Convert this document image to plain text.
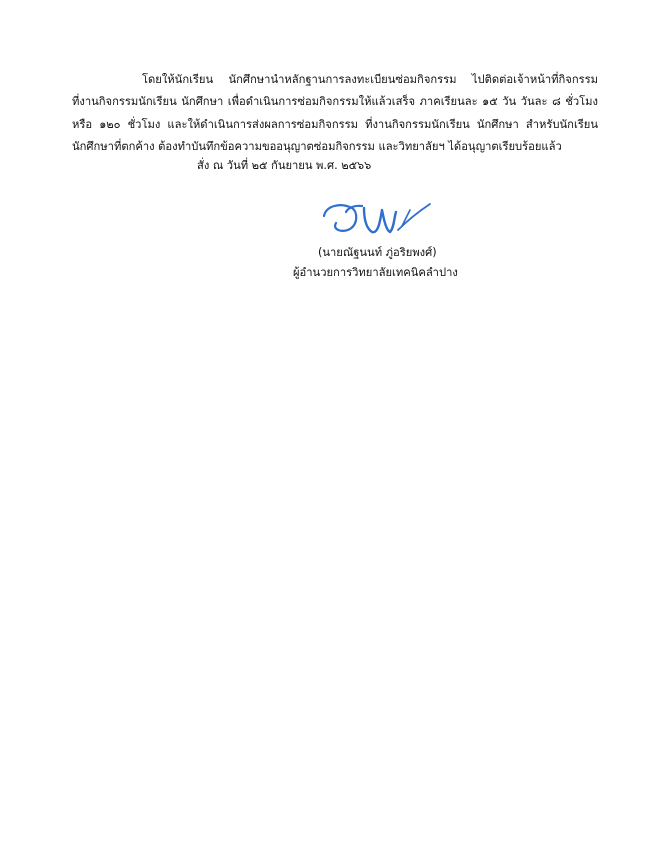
โดยให้นักเรียน นักศึกษานำหลักฐานการลงทะเบียนซ่อมกิจกรรม ไปติดต่อเจ้าหน้าที่กิจกรรม
ที่งานกิจกรรมนักเรียน นักศึกษา เพื่อดำเนินการซ่อมกิจกรรมให้แล้วเสร็จ ภาคเรียนละ ๑๕ วัน วันละ ๘ ชั่วโมง
หรือ ๑๒๐ ชั่วโมง และให้ดำเนินการส่งผลการซ่อมกิจกรรม ที่งานกิจกรรมนักเรียน นักศึกษา สำหรับนักเรียน
นักศึกษาที่ตกค้าง ต้องทำบันทึกข้อความขออนุญาตซ่อมกิจกรรม และวิทยาลัยฯ ได้อนุญาตเรียบร้อยแล้ว
สั่ง ณ วันที่ ๒๕ กันยายน พ.ศ. ๒๕๖๖
(นายณัฐนนท์ ภู่อริยพงศ์)
ผู้อำนวยการวิทยาลัยเทคนิคลำปาง
